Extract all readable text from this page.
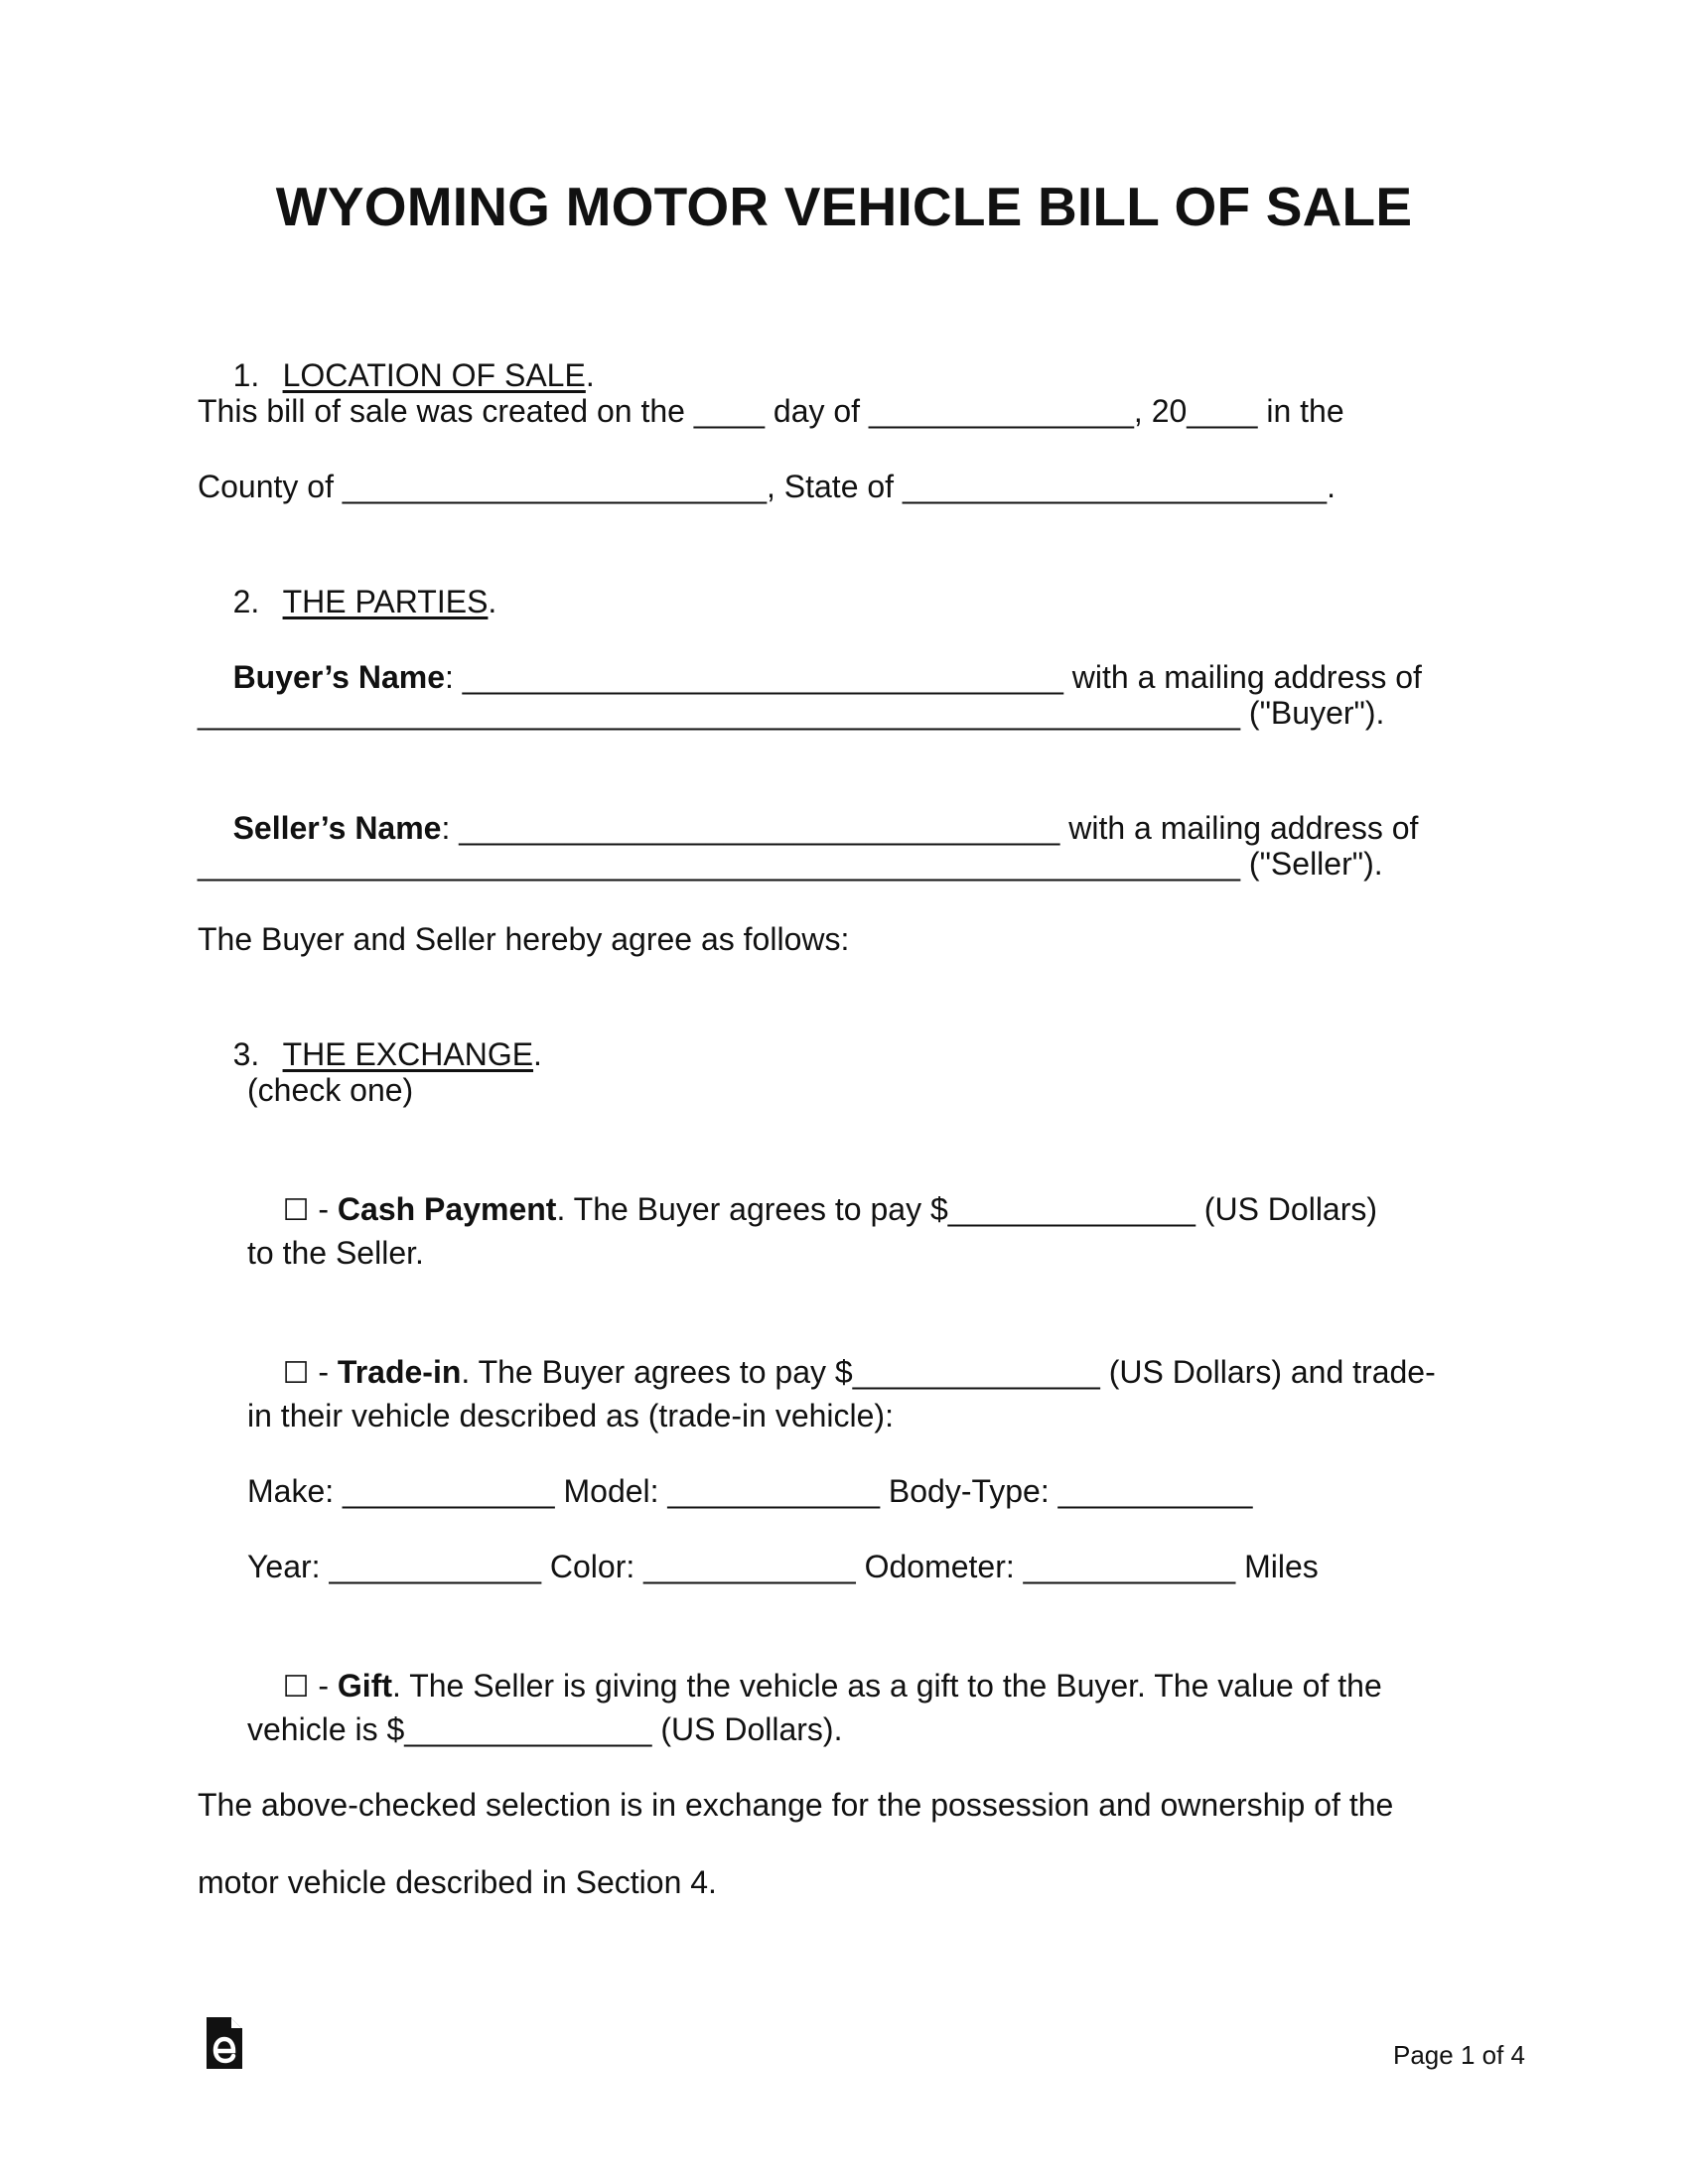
WYOMING MOTOR VEHICLE BILL OF SALE

1. LOCATION OF SALE.

This bill of sale was created on the ____ day of _______________, 20____ in the

County of ________________________, State of ________________________.

2. THE PARTIES.

Buyer’s Name: __________________________________ with a mailing address of

___________________________________________________________ ("Buyer").

Seller’s Name: __________________________________ with a mailing address of

___________________________________________________________ ("Seller").

The Buyer and Seller hereby agree as follows:

3. THE EXCHANGE.

(check one)

☐ - Cash Payment. The Buyer agrees to pay $______________ (US Dollars)

to the Seller.

☐ - Trade-in. The Buyer agrees to pay $______________ (US Dollars) and trade-

in their vehicle described as (trade-in vehicle):

Make: ____________ Model: ____________ Body-Type: ___________

Year: ____________ Color: ____________ Odometer: ____________ Miles

☐ - Gift. The Seller is giving the vehicle as a gift to the Buyer. The value of the

vehicle is $______________ (US Dollars).

The above-checked selection is in exchange for the possession and ownership of the

motor vehicle described in Section 4.

Page 1 of 4
